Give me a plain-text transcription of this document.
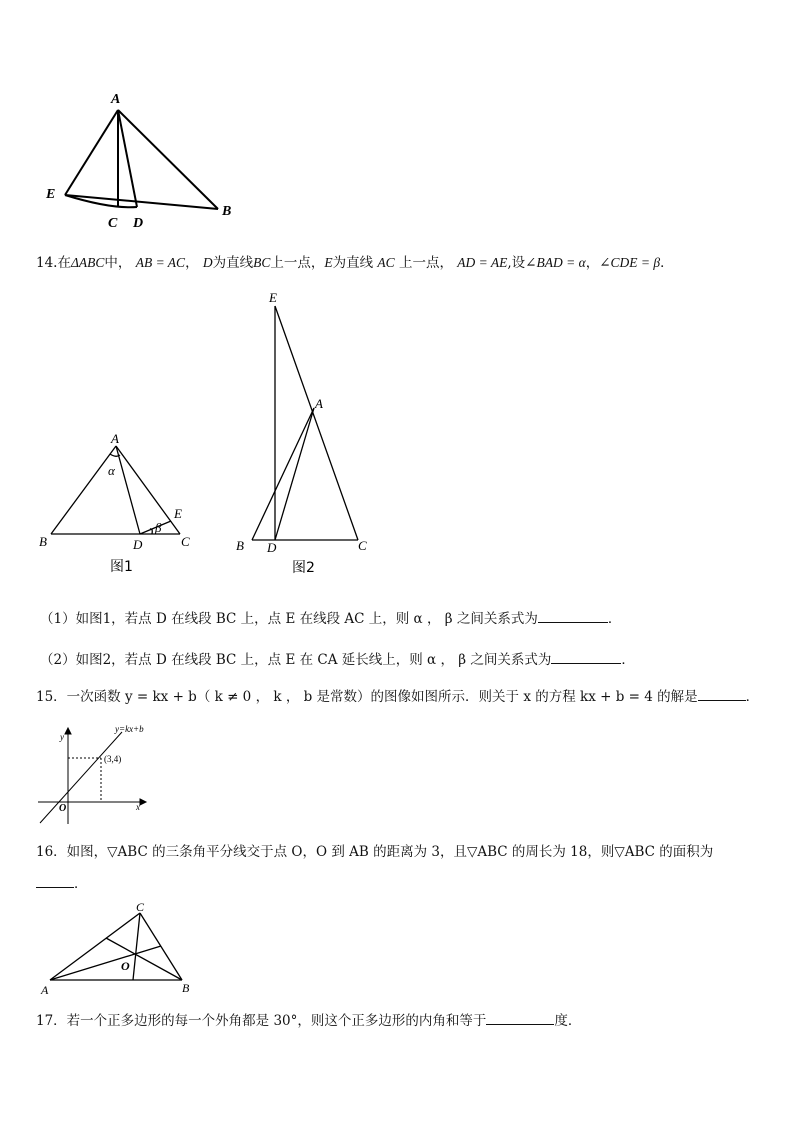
A
E
C D
B
14.在ΔABC中， AB = AC， D为直线BC上一点，E为直线 AC 上一点， AD = AE,设∠BAD = α，∠CDE = β．
A
α
E
β
B	D	C
图1
E
A
B D	C
图2
（1）如图1，若点 D 在线段 BC 上，点 E 在线段 AC 上，则 α ， β 之间关系式为	．
（2）如图2，若点 D 在线段 BC 上，点 E 在 CA 延长线上，则 α ， β 之间关系式为	．
15．一次函数 y = kx + b（ k ≠ 0 ， k ， b 是常数）的图像如图所示．则关于 x 的方程 kx + b = 4 的解是	．
y=kx+b
(3,4)
y
x
O
16．如图，▽ABC 的三条角平分线交于点 O，O 到 AB 的距离为 3，且▽ABC 的周长为 18，则▽ABC 的面积为
．
C
O
A	B
17．若一个正多边形的每一个外角都是 30°，则这个正多边形的内角和等于	度．
